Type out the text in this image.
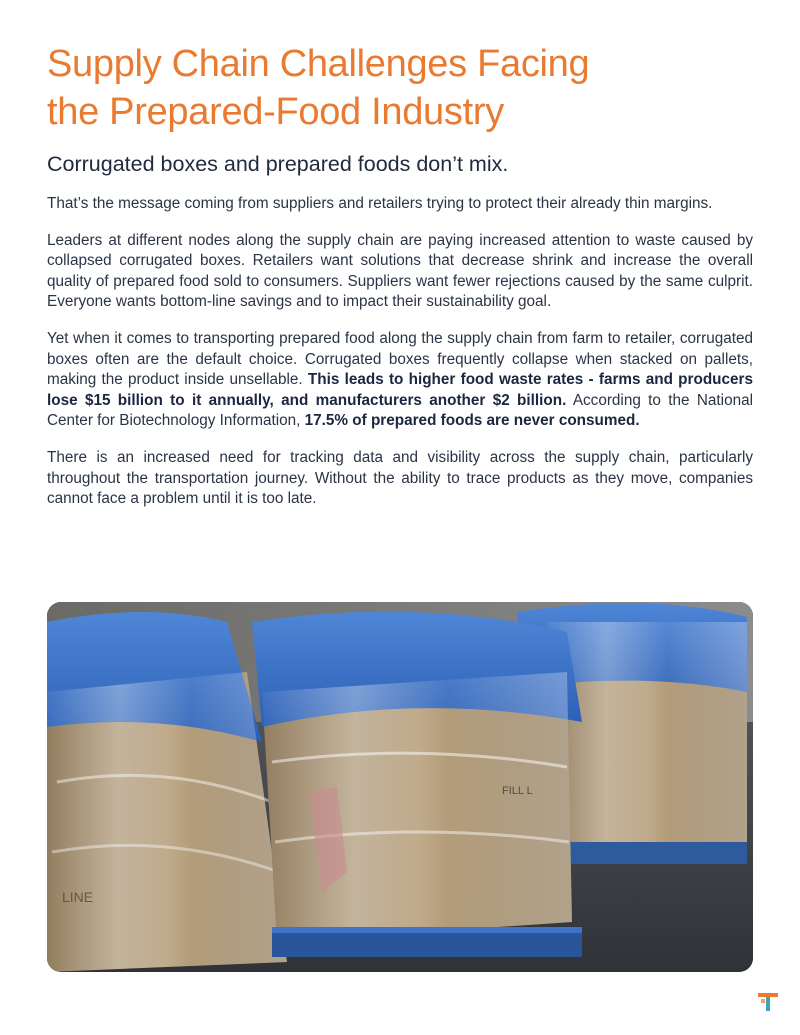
Supply Chain Challenges Facing
the Prepared-Food Industry
Corrugated boxes and prepared foods don’t mix.

That’s the message coming from suppliers and retailers trying to protect their already thin margins.

Leaders at different nodes along the supply chain are paying increased attention to waste caused by collapsed corrugated boxes. Retailers want solutions that decrease shrink and increase the overall quality of prepared food sold to consumers. Suppliers want fewer rejections caused by the same culprit. Everyone wants bottom-line savings and to impact their sustainability goal.

Yet when it comes to transporting prepared food along the supply chain from farm to retailer, corrugated boxes often are the default choice. Corrugated boxes frequently collapse when stacked on pallets, making the product inside unsellable. This leads to higher food waste rates - farms and producers lose $15 billion to it annually, and manufacturers another $2 billion. According to the National Center for Biotechnology Information, 17.5% of prepared foods are never consumed.

There is an increased need for tracking data and visibility across the supply chain, particularly throughout the transportation journey. Without the ability to trace products as they move, companies cannot face a problem until it is too late.

LINE
FILL L
